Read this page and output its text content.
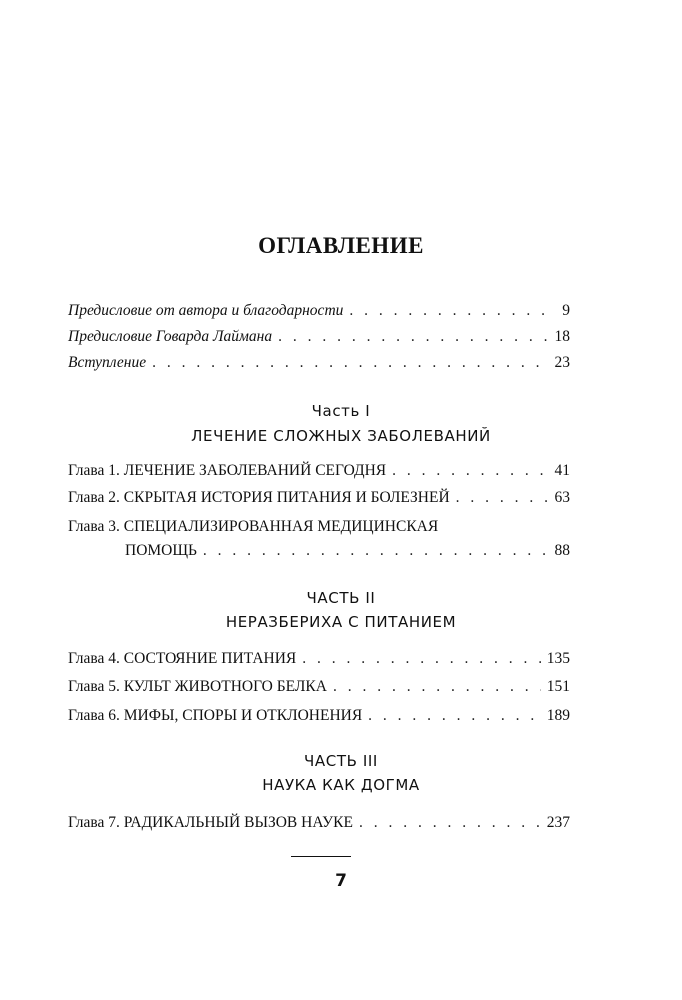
ОГЛАВЛЕНИЕ
Предисловие от автора и благодарности . . .	9
Предисловие Говарда Лаймана . . .	18
Вступление . . .	23
Часть I
ЛЕЧЕНИЕ СЛОЖНЫХ ЗАБОЛЕВАНИЙ
Глава 1. ЛЕЧЕНИЕ ЗАБОЛЕВАНИЙ СЕГОДНЯ . . .	41
Глава 2. СКРЫТАЯ ИСТОРИЯ ПИТАНИЯ И БОЛЕЗНЕЙ . . .	63
Глава 3. СПЕЦИАЛИЗИРОВАННАЯ МЕДИЦИНСКАЯ
ПОМОЩЬ . . .	88
ЧАСТЬ II
НЕРАЗБЕРИХА С ПИТАНИЕМ
Глава 4. СОСТОЯНИЕ ПИТАНИЯ . . .	135
Глава 5. КУЛЬТ ЖИВОТНОГО БЕЛКА . . .	151
Глава 6. МИФЫ, СПОРЫ И ОТКЛОНЕНИЯ . . .	189
ЧАСТЬ III
НАУКА КАК ДОГМА
Глава 7. РАДИКАЛЬНЫЙ ВЫЗОВ НАУКЕ . . .	237
7
